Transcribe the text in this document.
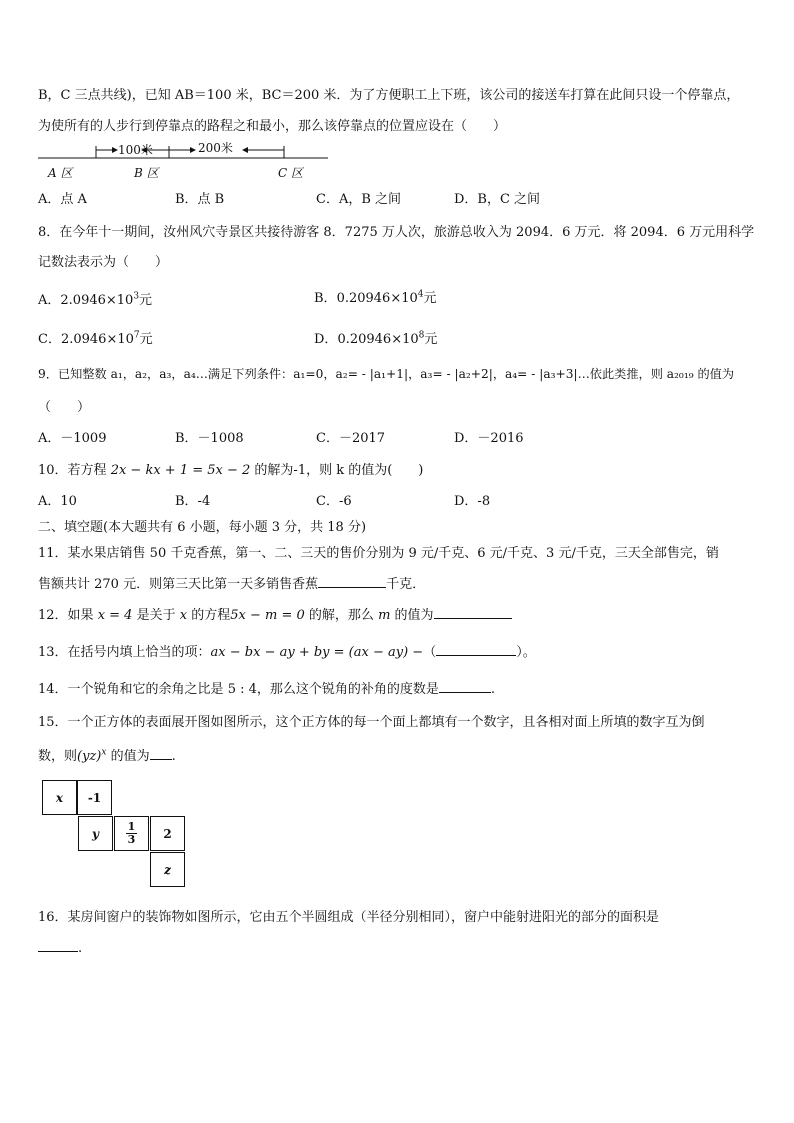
B，C 三点共线)，已知 AB＝100 米，BC＝200 米．为了方便职工上下班，该公司的接送车打算在此间只设一个停靠点，
为使所有的人步行到停靠点的路程之和最小，那么该停靠点的位置应设在（　　）
100米	200米
A 区	B 区	C 区
A．点 A	B．点 B	C．A，B 之间	D．B，C 之间
8．在今年十一期间，汝州风穴寺景区共接待游客 8．7275 万人次，旅游总收入为 2094．6 万元．将 2094．6 万元用科学
记数法表示为（　　）
A．$2.0946\times 10^3$元	B．$0.20946\times 10^4$元
C．$2.0946\times 10^7$元	D．$0.20946\times 10^8$元
9．已知整数 a₁，a₂，a₃，a₄…满足下列条件：a₁=0，a₂= - |a₁+1|，a₃= - |a₂+2|，a₄= - |a₃+3|…依此类推，则 a₂₀₁₉ 的值为
（　　）
A．－1009	B．－1008	C．－2017	D．－2016
10．若方程 2x − kx + 1 = 5x − 2 的解为-1，则 k 的值为(　　)
A．10	B．-4	C．-6	D．-8
二、填空题(本大题共有 6 小题，每小题 3 分，共 18 分)
11．某水果店销售 50 千克香蕉，第一、二、三天的售价分别为 9 元/千克、6 元/千克、3 元/千克，三天全部售完，销
售额共计 270 元．则第三天比第一天多销售香蕉	千克．
12．如果 x = 4 是关于 x 的方程5x − m = 0 的解，那么 m 的值为
13．在括号内填上恰当的项：ax − bx − ay + by = (ax − ay) −（	）。
14．一个锐角和它的余角之比是 5 : 4，那么这个锐角的补角的度数是	.
15．一个正方体的表面展开图如图所示，这个正方体的每一个面上都填有一个数字，且各相对面上所填的数字互为倒
数，则(yz)$^x$ 的值为 .
x	-1
y	$\frac{1}{3}$	2
z
16．某房间窗户的装饰物如图所示，它由五个半圆组成（半径分别相同），窗户中能射进阳光的部分的面积是
.
